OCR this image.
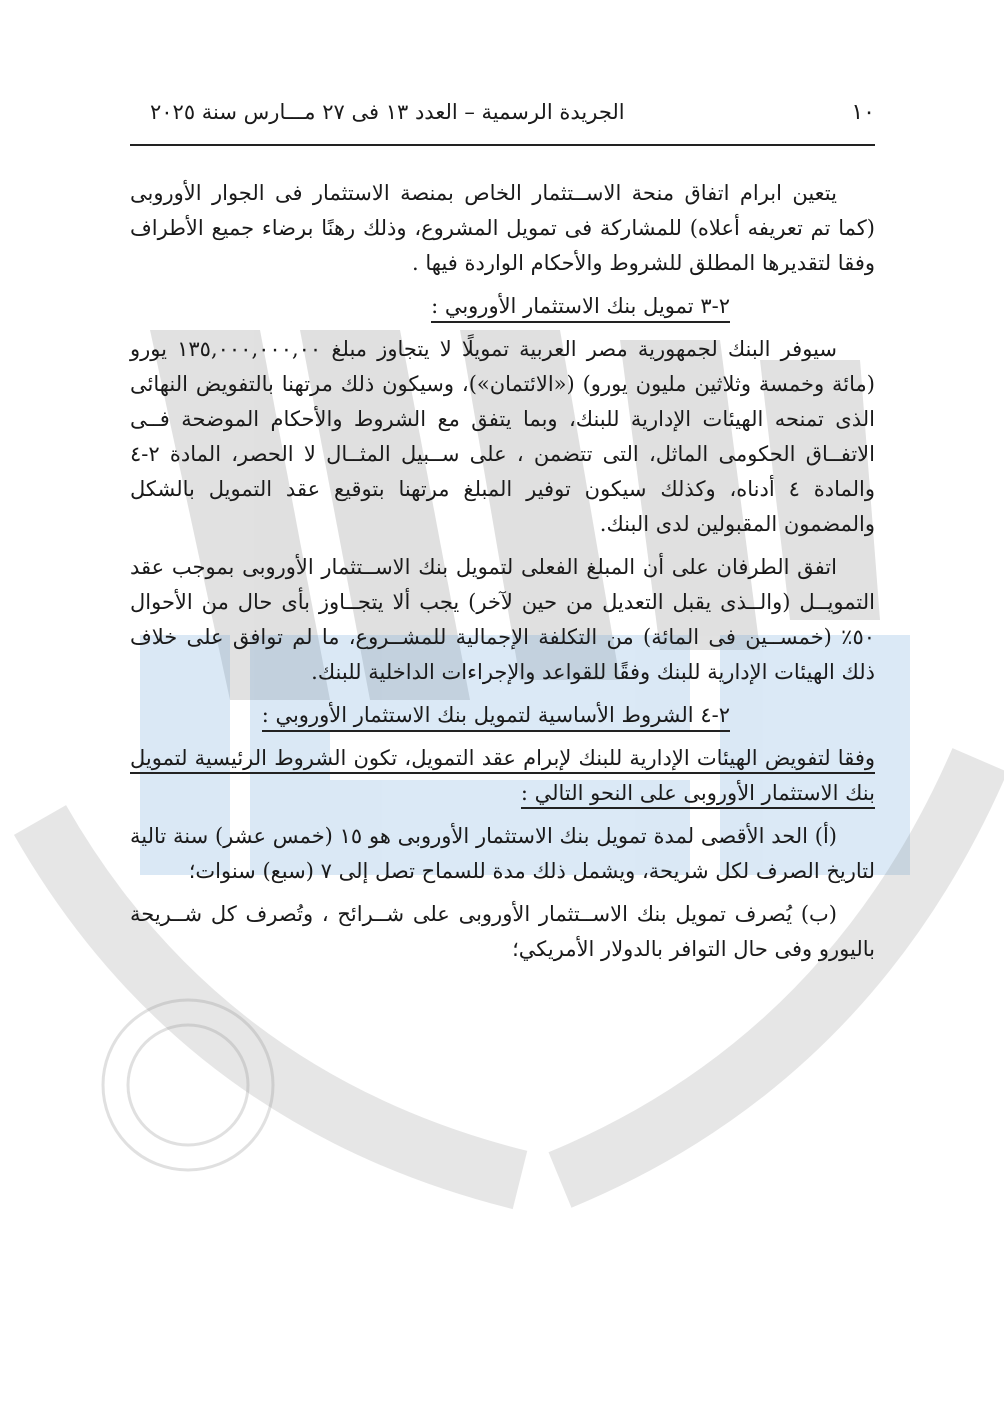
١٠
الجريدة الرسمية – العدد ١٣ فى ٢٧ مـــارس سنة ٢٠٢٥

يتعين ابرام اتفاق منحة الاســتثمار الخاص بمنصة الاستثمار فى الجوار الأوروبى (كما تم تعريفه أعلاه) للمشاركة فى تمويل المشروع، وذلك رهنًا برضاء جميع الأطراف وفقا لتقديرها المطلق للشروط والأحكام الواردة فيها .

٢-٣ تمويل بنك الاستثمار الأوروبي :

سيوفر البنك لجمهورية مصر العربية تمويلًا لا يتجاوز مبلغ ١٣٥,٠٠٠,٠٠٠,٠٠ يورو (مائة وخمسة وثلاثين مليون يورو) («الائتمان»)، وسيكون ذلك مرتهنا بالتفويض النهائى الذى تمنحه الهيئات الإدارية للبنك، وبما يتفق مع الشروط والأحكام الموضحة فــى الاتفــاق الحكومى الماثل، التى تتضمن ، على ســبيل المثــال لا الحصر، المادة ٢-٤ والمادة ٤ أدناه، وكذلك سيكون توفير المبلغ مرتهنا بتوقيع عقد التمويل بالشكل والمضمون المقبولين لدى البنك.

اتفق الطرفان على أن المبلغ الفعلى لتمويل بنك الاســتثمار الأوروبى بموجب عقد التمويــل (والــذى يقبل التعديل من حين لآخر) يجب ألا يتجــاوز بأى حال من الأحوال ٥٠٪ (خمســين فى المائة) من التكلفة الإجمالية للمشــروع، ما لم توافق على خلاف ذلك الهيئات الإدارية للبنك وفقًا للقواعد والإجراءات الداخلية للبنك.

٢-٤ الشروط الأساسية لتمويل بنك الاستثمار الأوروبي :

وفقا لتفويض الهيئات الإدارية للبنك لإبرام عقد التمويل، تكون الشروط الرئيسية لتمويل بنك الاستثمار الأوروبى على النحو التالي :

(أ) الحد الأقصى لمدة تمويل بنك الاستثمار الأوروبى هو ١٥ (خمس عشر) سنة تالية لتاريخ الصرف لكل شريحة، ويشمل ذلك مدة للسماح تصل إلى ٧ (سبع) سنوات؛

(ب) يُصرف تمويل بنك الاســتثمار الأوروبى على شــرائح ، وتُصرف كل شــريحة باليورو وفى حال التوافر بالدولار الأمريكي؛
